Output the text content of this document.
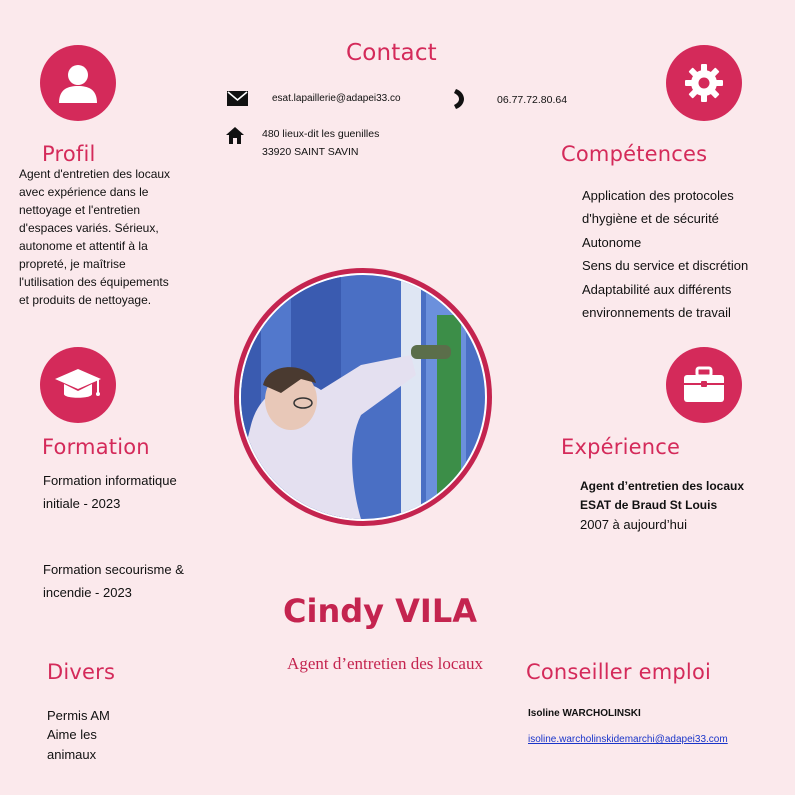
Contact
esat.lapaillerie@adapei33.co	06.77.72.80.64
480 lieux-dit les guenilles
33920 SAINT SAVIN
Profil
Agent d'entretien des locaux avec expérience dans le nettoyage et l'entretien d'espaces variés. Sérieux, autonome et attentif à la propreté, je maîtrise l'utilisation des équipements et produits de nettoyage.
Compétences
Application des protocoles
d'hygiène et de sécurité
Autonome
Sens du service et discrétion
Adaptabilité aux différents
environnements de travail
Formation
Formation informatique initiale - 2023
Formation secourisme & incendie - 2023
Expérience
Agent d’entretien des locaux
ESAT de Braud St Louis
2007 à aujourd’hui
Cindy VILA
Agent d’entretien des locaux
Divers
Permis AM
Aime les animaux
Conseiller emploi
Isoline WARCHOLINSKI
isoline.warcholinskidemarchi@adapei33.com
